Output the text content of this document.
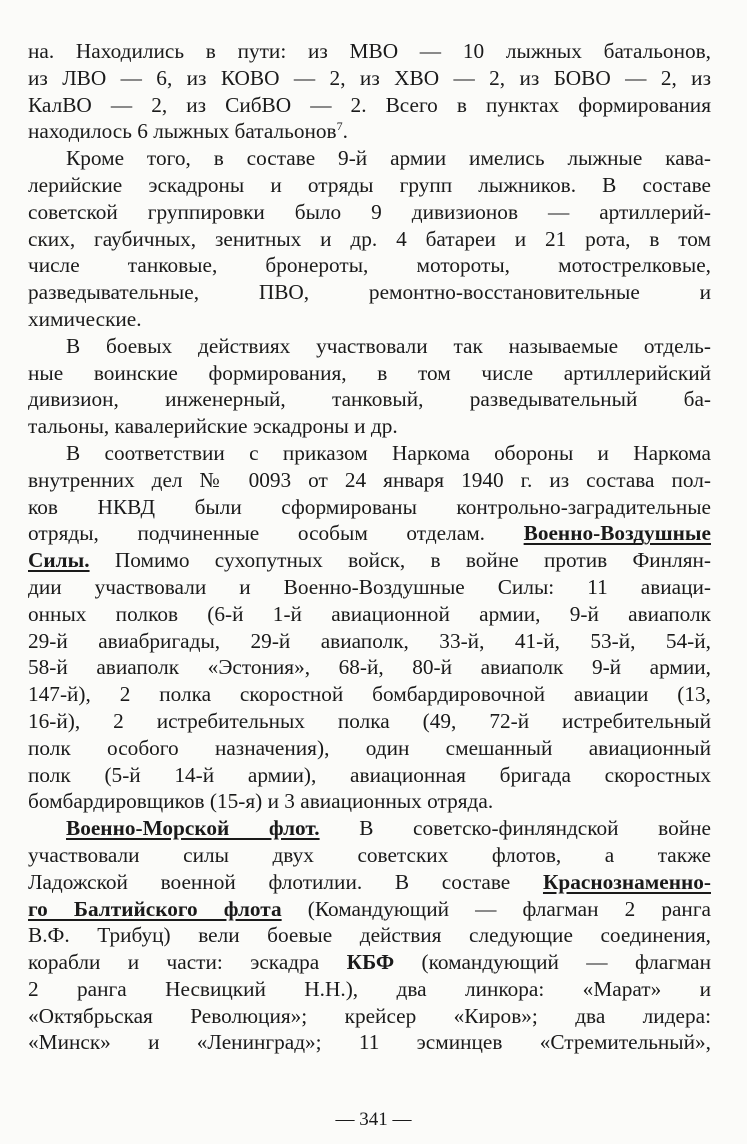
на. Находились в пути: из МВО — 10 лыжных батальонов,
из ЛВО — 6, из КОВО — 2, из ХВО — 2, из БОВО — 2, из
КалВО — 2, из СибВО — 2. Всего в пунктах формирования
находилось 6 лыжных батальонов$^7$.
Кроме того, в составе 9-й армии имелись лыжные кава-
лерийские эскадроны и отряды групп лыжников. В составе
советской группировки было 9 дивизионов — артиллерий-
ских, гаубичных, зенитных и др. 4 батареи и 21 рота, в том
числе танковые, бронероты, мотороты, мотострелковые,
разведывательные, ПВО, ремонтно-восстановительные и
химические.
В боевых действиях участвовали так называемые отдель-
ные воинские формирования, в том числе артиллерийский
дивизион, инженерный, танковый, разведывательный ба-
тальоны, кавалерийские эскадроны и др.
В соответствии с приказом Наркома обороны и Наркома
внутренних дел № 0093 от 24 января 1940 г. из состава пол-
ков НКВД были сформированы контрольно-заградительные
отряды, подчиненные особым отделам. Военно-Воздушные
Силы. Помимо сухопутных войск, в войне против Финлян-
дии участвовали и Военно-Воздушные Силы: 11 авиаци-
онных полков (6-й 1-й авиационной армии, 9-й авиаполк
29-й авиабригады, 29-й авиаполк, 33-й, 41-й, 53-й, 54-й,
58-й авиаполк «Эстония», 68-й, 80-й авиаполк 9-й армии,
147-й), 2 полка скоростной бомбардировочной авиации (13,
16-й), 2 истребительных полка (49, 72-й истребительный
полк особого назначения), один смешанный авиационный
полк (5-й 14-й армии), авиационная бригада скоростных
бомбардировщиков (15-я) и 3 авиационных отряда.
Военно-Морской флот. В советско-финляндской войне
участвовали силы двух советских флотов, а также
Ладожской военной флотилии. В составе Краснознаменно-
го Балтийского флота (Командующий — флагман 2 ранга
В.Ф. Трибуц) вели боевые действия следующие соединения,
корабли и части: эскадра КБФ (командующий — флагман
2 ранга Несвицкий Н.Н.), два линкора: «Марат» и
«Октябрьская Революция»; крейсер «Киров»; два лидера:
«Минск» и «Ленинград»; 11 эсминцев «Стремительный»,
— 341 —
